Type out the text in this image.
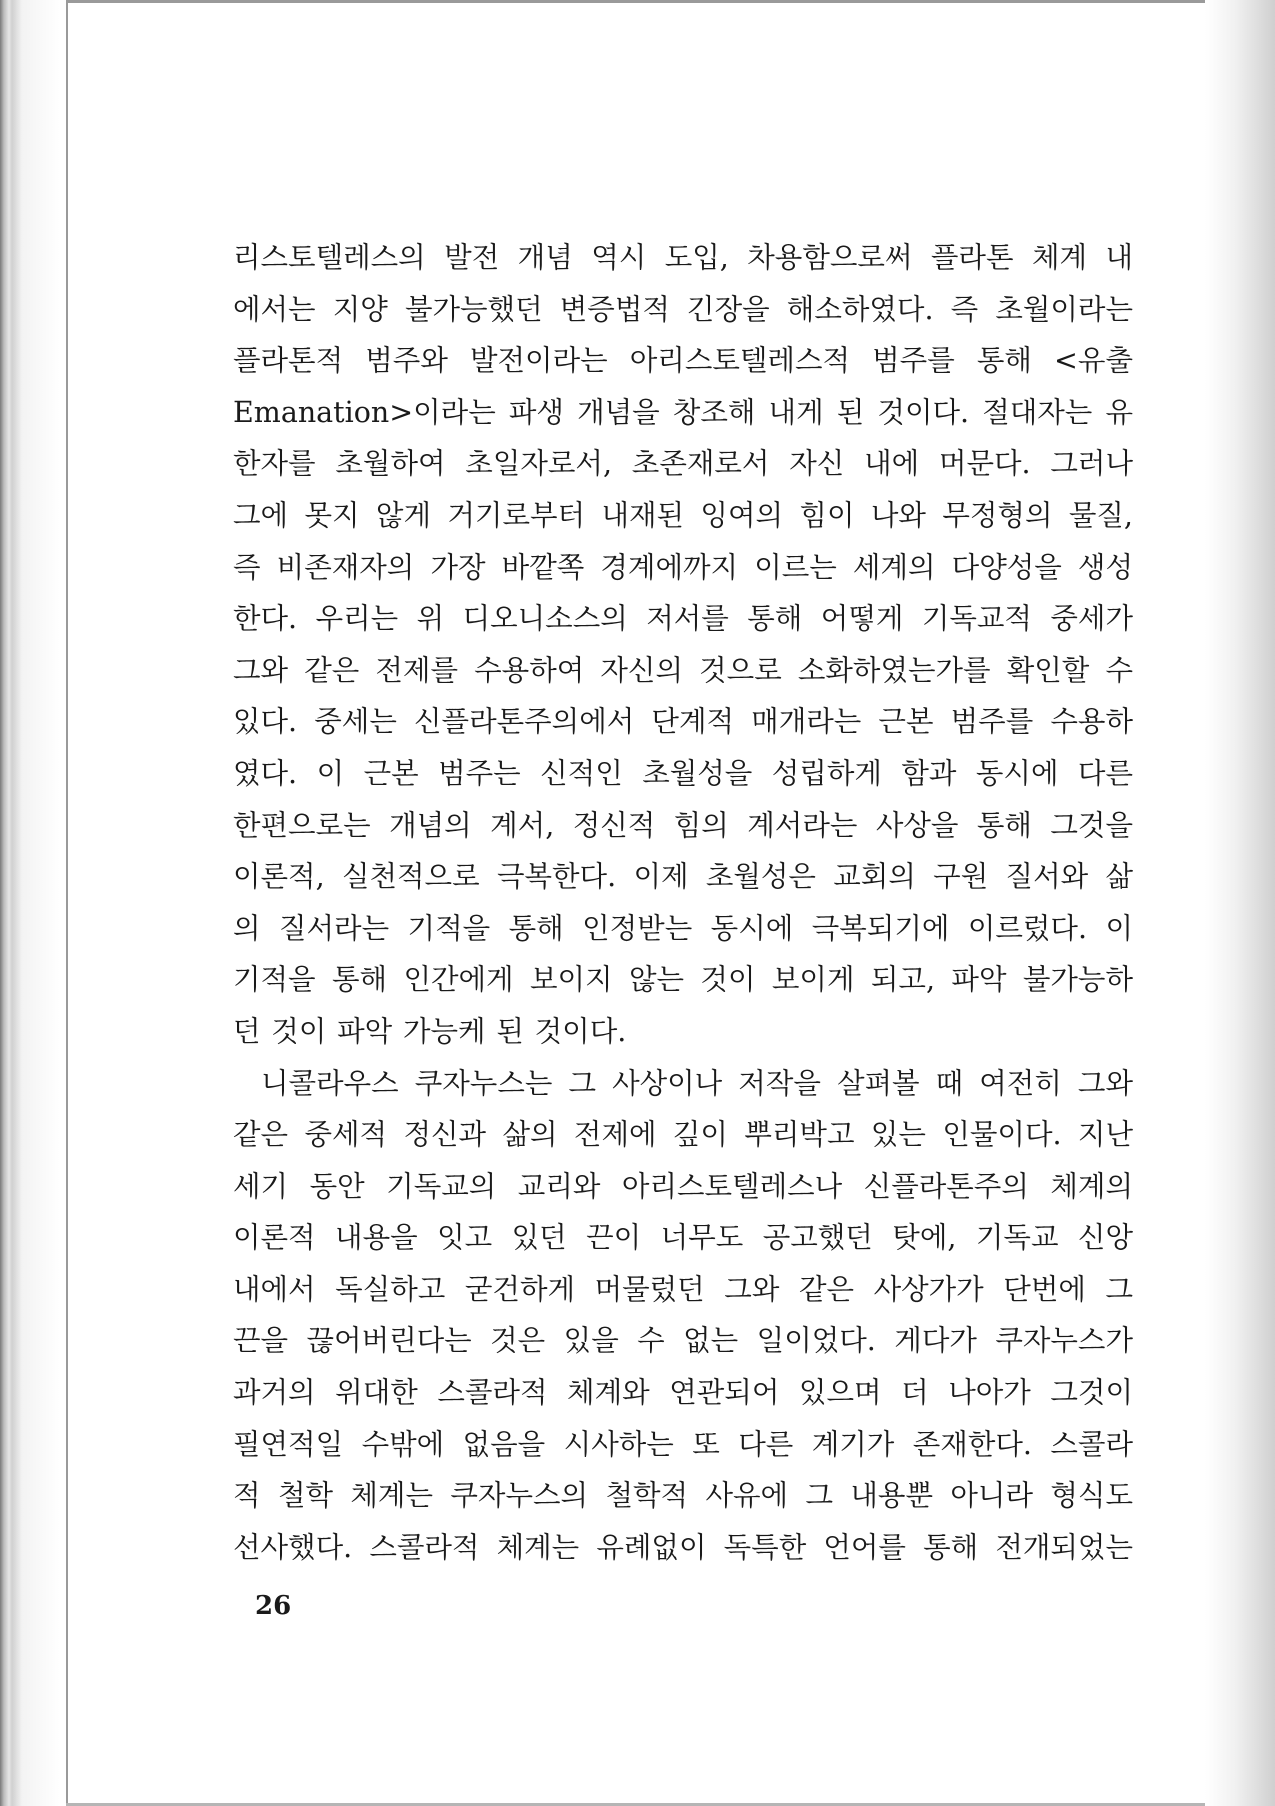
리스토텔레스의 발전 개념 역시 도입, 차용함으로써 플라톤 체계 내
에서는 지양 불가능했던 변증법적 긴장을 해소하였다. 즉 초월이라는
플라톤적 범주와 발전이라는 아리스토텔레스적 범주를 통해 <유출
Emanation>이라는 파생 개념을 창조해 내게 된 것이다. 절대자는 유
한자를 초월하여 초일자로서, 초존재로서 자신 내에 머문다. 그러나
그에 못지 않게 거기로부터 내재된 잉여의 힘이 나와 무정형의 물질,
즉 비존재자의 가장 바깥쪽 경계에까지 이르는 세계의 다양성을 생성
한다. 우리는 위 디오니소스의 저서를 통해 어떻게 기독교적 중세가
그와 같은 전제를 수용하여 자신의 것으로 소화하였는가를 확인할 수
있다. 중세는 신플라톤주의에서 단계적 매개라는 근본 범주를 수용하
였다. 이 근본 범주는 신적인 초월성을 성립하게 함과 동시에 다른
한편으로는 개념의 계서, 정신적 힘의 계서라는 사상을 통해 그것을
이론적, 실천적으로 극복한다. 이제 초월성은 교회의 구원 질서와 삶
의 질서라는 기적을 통해 인정받는 동시에 극복되기에 이르렀다. 이
기적을 통해 인간에게 보이지 않는 것이 보이게 되고, 파악 불가능하
던 것이 파악 가능케 된 것이다.
니콜라우스 쿠자누스는 그 사상이나 저작을 살펴볼 때 여전히 그와
같은 중세적 정신과 삶의 전제에 깊이 뿌리박고 있는 인물이다. 지난
세기 동안 기독교의 교리와 아리스토텔레스나 신플라톤주의 체계의
이론적 내용을 잇고 있던 끈이 너무도 공고했던 탓에, 기독교 신앙
내에서 독실하고 굳건하게 머물렀던 그와 같은 사상가가 단번에 그
끈을 끊어버린다는 것은 있을 수 없는 일이었다. 게다가 쿠자누스가
과거의 위대한 스콜라적 체계와 연관되어 있으며 더 나아가 그것이
필연적일 수밖에 없음을 시사하는 또 다른 계기가 존재한다. 스콜라
적 철학 체계는 쿠자누스의 철학적 사유에 그 내용뿐 아니라 형식도
선사했다. 스콜라적 체계는 유례없이 독특한 언어를 통해 전개되었는
26
